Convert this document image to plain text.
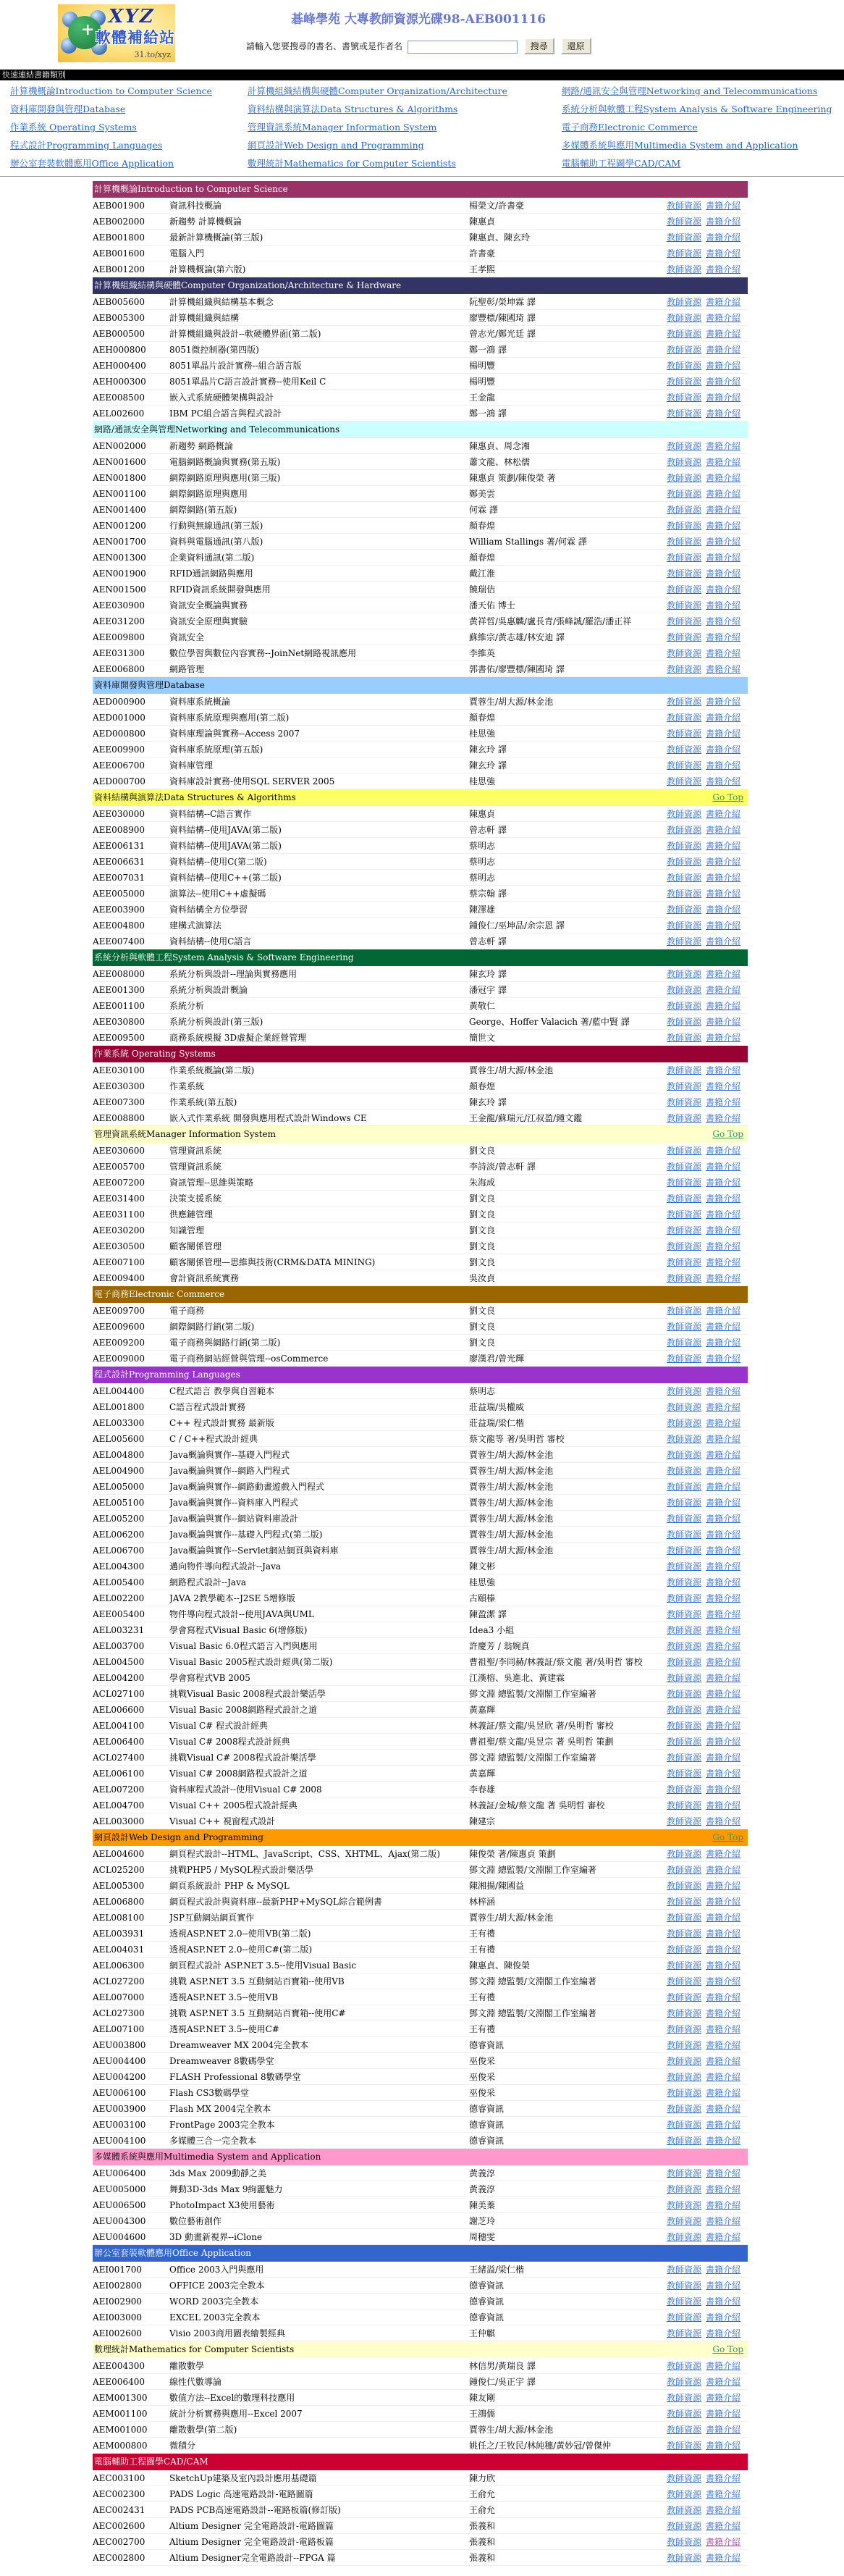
+
XYZ
軟體補給站
31.to/xyz
碁峰學苑 大專教師資源光碟98-AEB001116
請輸入您要搜尋的書名、書號或是作者名	搜尋 還原
快速連結書籍類別
計算機概論Introduction to Computer Science	計算機組織結構與硬體Computer Organization/Architecture	網路/通訊安全與管理Networking and Telecommunications
資料庫開發與管理Database	資料結構與演算法Data Structures & Algorithms	系統分析與軟體工程System Analysis & Software Engineering
作業系統 Operating Systems	管理資訊系統Manager Information System	電子商務Electronic Commerce
程式設計Programming Languages	網頁設計Web Design and Programming	多媒體系統與應用Multimedia System and Application
辦公室套裝軟體應用Office Application	數理統計Mathematics for Computer Scientists	電腦輔助工程圖學CAD/CAM
計算機概論Introduction to Computer Science
AEB001900	資訊科技概論	楊榮文/許書豪	教師資源 書籍介紹
AEB002000	新趨勢 計算機概論	陳惠貞	教師資源 書籍介紹
AEB001800	最新計算機概論(第三版)	陳惠貞、陳玄玲	教師資源 書籍介紹
AEB001600	電腦入門	許書豪	教師資源 書籍介紹
AEB001200	計算機概論(第六版)	王孝熙	教師資源 書籍介紹
計算機組織結構與硬體Computer Organization/Architecture & Hardware
AEB005600	計算機組織與結構基本概念	阮聖彰/榮坤霖 譯	教師資源 書籍介紹
AEB005300	計算機組織與結構	廖豐標/陳國琦 譯	教師資源 書籍介紹
AEB000500	計算機組織與設計--軟硬體界面(第二版)	曾志光/鄭光廷 譯	教師資源 書籍介紹
AEH000800	8051微控制器(第四版)	鄭一鴻 譯	教師資源 書籍介紹
AEH000400	8051單晶片設計實務--組合語言版	楊明豐	教師資源 書籍介紹
AEH000300	8051單晶片C語言設計實務--使用Keil C	楊明豐	教師資源 書籍介紹
AEE008500	嵌入式系統硬體架構與設計	王金龍	教師資源 書籍介紹
AEL002600	IBM PC組合語言與程式設計	鄭一鴻 譯	教師資源 書籍介紹
網路/通訊安全與管理Networking and Telecommunications
AEN002000	新趨勢 網路概論	陳惠貞、周念湘	教師資源 書籍介紹
AEN001600	電腦網路概論與實務(第五版)	蕭文龍、林松儒	教師資源 書籍介紹
AEN001800	網際網路原理與應用(第三版)	陳惠貞 策劃/陳俊榮 著	教師資源 書籍介紹
AEN001100	網際網路原理與應用	鄭美雲	教師資源 書籍介紹
AEN001400	網際網路(第五版)	何霖 譯	教師資源 書籍介紹
AEN001200	行動與無線通訊(第三版)	顏春煌	教師資源 書籍介紹
AEN001700	資料與電腦通訊(第八版)	William Stallings 著/何霖 譯	教師資源 書籍介紹
AEN001300	企業資料通訊(第二版)	顏春煌	教師資源 書籍介紹
AEN001900	RFID通訊網路與應用	戴江淮	教師資源 書籍介紹
AEN001500	RFID資訊系統開發與應用	饒瑞佶	教師資源 書籍介紹
AEE030900	資訊安全概論與實務	潘天佑 博士	教師資源 書籍介紹
AEE031200	資訊安全原理與實驗	黃祥哲/吳惠麟/盧長青/張峰誠/羅浩/潘正祥	教師資源 書籍介紹
AEE009800	資訊安全	蘇維宗/黃志雄/林安迪 譯	教師資源 書籍介紹
AEE031300	數位學習與數位內容實務--JoinNet網路視訊應用	李維英	教師資源 書籍介紹
AEE006800	網路管理	郭書佑/廖豐標/陳國琦 譯	教師資源 書籍介紹
資料庫開發與管理Database
AED000900	資料庫系統概論	賈蓉生/胡大源/林金池	教師資源 書籍介紹
AED001000	資料庫系統原理與應用(第二版)	顏春煌	教師資源 書籍介紹
AED000800	資料庫理論與實務--Access 2007	桂思強	教師資源 書籍介紹
AEE009900	資料庫系統原理(第五版)	陳玄玲 譯	教師資源 書籍介紹
AEE006700	資料庫管理	陳玄玲 譯	教師資源 書籍介紹
AED000700	資料庫設計實務-使用SQL SERVER 2005	桂思強	教師資源 書籍介紹
資料結構與演算法Data Structures & Algorithms	Go Top
AEE030000	資料結構--C語言實作	陳惠貞	教師資源 書籍介紹
AEE008900	資料結構--使用JAVA(第二版)	曾志軒 譯	教師資源 書籍介紹
AEE006131	資料結構--使用JAVA(第二版)	蔡明志	教師資源 書籍介紹
AEE006631	資料結構--使用C(第二版)	蔡明志	教師資源 書籍介紹
AEE007031	資料結構--使用C++(第二版)	蔡明志	教師資源 書籍介紹
AEE005000	演算法--使用C++虛擬碼	蔡宗翰 譯	教師資源 書籍介紹
AEE003900	資料結構全方位學習	陳澤雄	教師資源 書籍介紹
AEE004800	建構式演算法	鍾俊仁/巫坤品/余宗恩 譯	教師資源 書籍介紹
AEE007400	資料結構--使用C語言	曾志軒 譯	教師資源 書籍介紹
系統分析與軟體工程System Analysis & Software Engineering
AEE008000	系統分析與設計--理論與實務應用	陳玄玲 譯	教師資源 書籍介紹
AEE001300	系統分析與設計概論	潘冠宇 譯	教師資源 書籍介紹
AEE001100	系統分析	黃敬仁	教師資源 書籍介紹
AEE030800	系統分析與設計(第三版)	George、Hoffer Valacich 著/藍中賢 譯	教師資源 書籍介紹
AEE009500	商務系統模擬 3D虛擬企業經營管理	簡世文	教師資源 書籍介紹
作業系統 Operating Systems
AEE030100	作業系統概論(第二版)	賈蓉生/胡大源/林金池	教師資源 書籍介紹
AEE030300	作業系統	顏春煌	教師資源 書籍介紹
AEE007300	作業系統(第五版)	陳玄玲 譯	教師資源 書籍介紹
AEE008800	嵌入式作業系統 開發與應用程式設計Windows CE	王金龍/蘇瑞元/江叔盈/鍾文鑑	教師資源 書籍介紹
管理資訊系統Manager Information System	Go Top
AEE030600	管理資訊系統	劉文良	教師資源 書籍介紹
AEE005700	管理資訊系統	李詩淡/曾志軒 譯	教師資源 書籍介紹
AEE007200	資訊管理--思維與策略	朱海成	教師資源 書籍介紹
AEE031400	決策支援系統	劉文良	教師資源 書籍介紹
AEE031100	供應鏈管理	劉文良	教師資源 書籍介紹
AEE030200	知識管理	劉文良	教師資源 書籍介紹
AEE030500	顧客關係管理	劉文良	教師資源 書籍介紹
AEE007100	顧客關係管理—思維與技術(CRM&DATA MINING)	劉文良	教師資源 書籍介紹
AEE009400	會計資訊系統實務	吳汝貞	教師資源 書籍介紹
電子商務Electronic Commerce
AEE009700	電子商務	劉文良	教師資源 書籍介紹
AEE009600	網際網路行銷(第二版)	劉文良	教師資源 書籍介紹
AEE009200	電子商務與網路行銷(第二版)	劉文良	教師資源 書籍介紹
AEE009000	電子商務網站經營與管理--osCommerce	廖漢君/曾光輝	教師資源 書籍介紹
程式設計Programming Languages
AEL004400	C程式語言 教學與自習範本	蔡明志	教師資源 書籍介紹
AEL001800	C語言程式設計實務	莊益瑞/吳權威	教師資源 書籍介紹
AEL003300	C++ 程式設計實務 最新版	莊益瑞/梁仁楷	教師資源 書籍介紹
AEL005600	C / C++程式設計經典	蔡文龍等 著/吳明哲 審校	教師資源 書籍介紹
AEL004800	Java概論與實作--基礎入門程式	賈蓉生/胡大源/林金池	教師資源 書籍介紹
AEL004900	Java概論與實作--網路入門程式	賈蓉生/胡大源/林金池	教師資源 書籍介紹
AEL005000	Java概論與實作--網路動畫遊戲入門程式	賈蓉生/胡大源/林金池	教師資源 書籍介紹
AEL005100	Java概論與實作--資料庫入門程式	賈蓉生/胡大源/林金池	教師資源 書籍介紹
AEL005200	Java概論與實作--網站資料庫設計	賈蓉生/胡大源/林金池	教師資源 書籍介紹
AEL006200	Java概論與實作--基礎入門程式(第二版)	賈蓉生/胡大源/林金池	教師資源 書籍介紹
AEL006700	Java概論與實作--Servlet網站網頁與資料庫	賈蓉生/胡大源/林金池	教師資源 書籍介紹
AEL004300	邁向物件導向程式設計--Java	陳文彬	教師資源 書籍介紹
AEL005400	網路程式設計--Java	桂思強	教師資源 書籍介紹
AEL002200	JAVA 2教學範本--J2SE 5增修版	古頤榛	教師資源 書籍介紹
AEE005400	物件導向程式設計--使用JAVA與UML	陳盈潔 譯	教師資源 書籍介紹
AEL003231	學會寫程式Visual Basic 6(增修版)	Idea3 小組	教師資源 書籍介紹
AEL003700	Visual Basic 6.0程式語言入門與應用	許慶芳 / 翁婉真	教師資源 書籍介紹
AEL004500	Visual Basic 2005程式設計經典(第二版)	曹祖聖/李同赫/林義証/蔡文龍 著/吳明哲 審校	教師資源 書籍介紹
AEL004200	學會寫程式VB 2005	江漢榕、吳進北、黃建霖	教師資源 書籍介紹
ACL027100	挑戰Visual Basic 2008程式設計樂活學	鄧文淵 總監製/文淵閣工作室編著	教師資源 書籍介紹
AEL006600	Visual Basic 2008網路程式設計之道	黃嘉輝	教師資源 書籍介紹
AEL004100	Visual C# 程式設計經典	林義証/蔡文龍/吳昱欣 著/吳明哲 審校	教師資源 書籍介紹
AEL006400	Visual C# 2008程式設計經典	曹祖聖/蔡文龍/吳昱宗 著 吳明哲 策劃	教師資源 書籍介紹
ACL027400	挑戰Visual C# 2008程式設計樂活學	鄧文淵 總監製/文淵閣工作室編著	教師資源 書籍介紹
AEL006100	Visual C# 2008網路程式設計之道	黃嘉輝	教師資源 書籍介紹
AEL007200	資料庫程式設計--使用Visual C# 2008	李春雄	教師資源 書籍介紹
AEL004700	Visual C++ 2005程式設計經典	林義証/金城/蔡文龍 著 吳明哲 審校	教師資源 書籍介紹
AEL003000	Visual C++ 視窗程式設計	陳建宗	教師資源 書籍介紹
網頁設計Web Design and Programming	Go Top
AEL004600	網頁程式設計--HTML、JavaScript、CSS、XHTML、Ajax(第二版)	陳俊榮 著/陳惠貞 策劃	教師資源 書籍介紹
ACL025200	挑戰PHP5 / MySQL程式設計樂活學	鄧文淵 總監製/文淵閣工作室編著	教師資源 書籍介紹
AEL005300	網頁系統設計 PHP & MySQL	陳湘揚/陳國益	教師資源 書籍介紹
AEL006800	網頁程式設計與資料庫--最新PHP+MySQL綜合範例書	林梓涵	教師資源 書籍介紹
AEL008100	JSP互動網站網頁實作	賈蓉生/胡大源/林金池	教師資源 書籍介紹
AEL003931	透視ASP.NET 2.0--使用VB(第二版)	王有禮	教師資源 書籍介紹
AEL004031	透視ASP.NET 2.0--使用C#(第二版)	王有禮	教師資源 書籍介紹
AEL006300	網頁程式設計 ASP.NET 3.5--使用Visual Basic	陳惠貞、陳俊榮	教師資源 書籍介紹
ACL027200	挑戰 ASP.NET 3.5 互動網站百寶箱--使用VB	鄧文淵 總監製/文淵閣工作室編著	教師資源 書籍介紹
AEL007000	透視ASP.NET 3.5--使用VB	王有禮	教師資源 書籍介紹
ACL027300	挑戰 ASP.NET 3.5 互動網站百寶箱--使用C#	鄧文淵 總監製/文淵閣工作室編著	教師資源 書籍介紹
AEL007100	透視ASP.NET 3.5--使用C#	王有禮	教師資源 書籍介紹
AEU003800	Dreamweaver MX 2004完全教本	德睿資訊	教師資源 書籍介紹
AEU004400	Dreamweaver 8數碼學堂	巫俊采	教師資源 書籍介紹
AEU004200	FLASH Professional 8數碼學堂	巫俊采	教師資源 書籍介紹
AEU006100	Flash CS3數碼學堂	巫俊采	教師資源 書籍介紹
AEU003900	Flash MX 2004完全教本	德睿資訊	教師資源 書籍介紹
AEU003100	FrontPage 2003完全教本	德睿資訊	教師資源 書籍介紹
AEU004100	多媒體三合一完全教本	德睿資訊	教師資源 書籍介紹
多媒體系統與應用Multimedia System and Application
AEU006400	3ds Max 2009動靜之美	黃義淳	教師資源 書籍介紹
AEU005000	舞動3D-3ds Max 9絢麗魅力	黃義淳	教師資源 書籍介紹
AEU006500	PhotoImpact X3使用藝術	陳美蓁	教師資源 書籍介紹
AEU004300	數位藝術創作	謝芝玲	教師資源 書籍介紹
AEU004600	3D 動畫新視界--iClone	周穗雯	教師資源 書籍介紹
辦公室套裝軟體應用Office Application
AEI001700	Office 2003入門與應用	王緒溢/梁仁楷	教師資源 書籍介紹
AEI002800	OFFICE 2003完全教本	德睿資訊	教師資源 書籍介紹
AEI002900	WORD 2003完全教本	德睿資訊	教師資源 書籍介紹
AEI003000	EXCEL 2003完全教本	德睿資訊	教師資源 書籍介紹
AEI002600	Visio 2003商用圖表繪製經典	王仲麒	教師資源 書籍介紹
數理統計Mathematics for Computer Scientists	Go Top
AEE004300	離散數學	林信男/黃瑞良 譯	教師資源 書籍介紹
AEE006400	線性代數導論	鍾俊仁/吳正宇 譯	教師資源 書籍介紹
AEM001300	數值方法--Excel的數理科技應用	陳友剛	教師資源 書籍介紹
AEM001100	統計分析實務與應用--Excel 2007	王鴻儒	教師資源 書籍介紹
AEM001000	離散數學(第二版)	賈蓉生/胡大源/林金池	教師資源 書籍介紹
AEM000800	微積分	姚任之/王牧民/林純穗/黃妙冠/曾傑仲	教師資源 書籍介紹
電腦輔助工程圖學CAD/CAM
AEC003100	SketchUp建築及室內設計應用基礎篇	陳力欣	教師資源 書籍介紹
AEC002300	PADS Logic 高速電路設計-電路圖篇	王俞允	教師資源 書籍介紹
AEC002431	PADS PCB高速電路設計--電路板篇(修訂版)	王俞允	教師資源 書籍介紹
AEC002600	Altium Designer 完全電路設計-電路圖篇	張義和	教師資源 書籍介紹
AEC002700	Altium Designer 完全電路設計-電路板篇	張義和	教師資源 書籍介紹
AEC002800	Altium Designer完全電路設計--FPGA 篇	張義和	教師資源 書籍介紹
